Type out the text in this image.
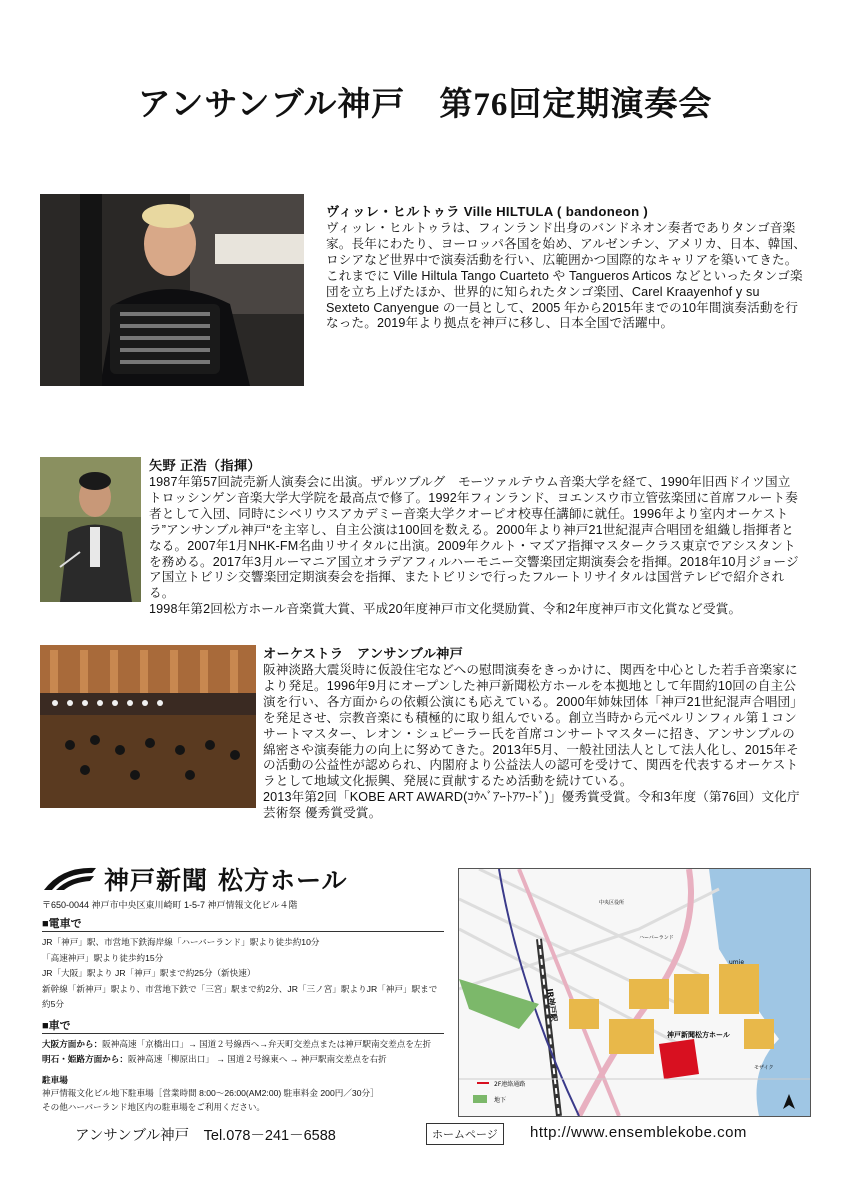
アンサンブル神戸　第76回定期演奏会
ヴィッレ・ヒルトゥラ Ville HILTULA ( bandoneon )

ヴィッレ・ヒルトゥラは、フィンランド出身のバンドネオン奏者でありタンゴ音楽家。長年にわたり、ヨーロッパ各国を始め、アルゼンチン、アメリカ、日本、韓国、ロシアなど世界中で演奏活動を行い、広範囲かつ国際的なキャリアを築いてきた。

これまでに Ville Hiltula Tango Cuarteto や Tangueros Articos などといったタンゴ楽団を立ち上げたほか、世界的に知られたタンゴ楽団、Carel Kraayenhof y su Sexteto Canyengue の一員として、2005 年から2015年までの10年間演奏活動を行なった。2019年より拠点を神戸に移し、日本全国で活躍中。

矢野 正浩（指揮）

1987年第57回読売新人演奏会に出演。ザルツブルグ　モーツァルテウム音楽大学を経て、1990年旧西ドイツ国立トロッシンゲン音楽大学大学院を最高点で修了。1992年フィンランド、ヨエンスウ市立管弦楽団に首席フルート奏者として入団、同時にシベリウスアカデミー音楽大学クオーピオ校専任講師に就任。1996年より室内オーケストラ”アンサンブル神戸“を主宰し、自主公演は100回を数える。2000年より神戸21世紀混声合唱団を組織し指揮者となる。2007年1月NHK-FM名曲リサイタルに出演。2009年クルト・マズア指揮マスタークラス東京でアシスタントを務める。2017年3月ルーマニア国立オラデアフィルハーモニー交響楽団定期演奏会を指揮。2018年10月ジョージア国立トビリシ交響楽団定期演奏会を指揮、またトビリシで行ったフルートリサイタルは国営テレビで紹介される。

1998年第2回松方ホール音楽賞大賞、平成20年度神戸市文化奨励賞、令和2年度神戸市文化賞など受賞。

オーケストラ　アンサンブル神戸

阪神淡路大震災時に仮設住宅などへの慰問演奏をきっかけに、関西を中心とした若手音楽家により発足。1996年9月にオープンした神戸新聞松方ホールを本拠地として年間約10回の自主公演を行い、各方面からの依頼公演にも応えている。2000年姉妹団体「神戸21世紀混声合唱団」を発足させ、宗教音楽にも積極的に取り組んでいる。創立当時から元ベルリンフィル第１コンサートマスター、レオン・シュピーラー氏を首席コンサートマスターに招き、アンサンブルの綿密さや演奏能力の向上に努めてきた。2013年5月、一般社団法人として法人化し、2015年その活動の公益性が認められ、内閣府より公益法人の認可を受けて、関西を代表するオーケストラとして地域文化振興、発展に貢献するため活動を続けている。

2013年第2回「KOBE ART AWARD(ｺｳﾍﾞｱｰﾄｱﾜｰﾄﾞ)」優秀賞受賞。令和3年度（第76回）文化庁芸術祭 優秀賞受賞。

神戸新聞 松方ホール
〒650-0044 神戸市中央区東川崎町 1-5-7 神戸情報文化ビル４階
■電車で
JR「神戸」駅、市営地下鉄海岸線「ハーバーランド」駅より徒歩約10分
「高速神戸」駅より徒歩約15分
JR「大阪」駅より JR「神戸」駅まで約25分（新快速）
新幹線「新神戸」駅より、市営地下鉄で「三宮」駅まで約2分、JR「三ノ宮」駅よりJR「神戸」駅まで約5分
■車で
大阪方面から：阪神高速「京橋出口」→ 国道２号線西へ→弁天町交差点または神戸駅南交差点を左折
明石・姫路方面から：阪神高速「柳原出口」 → 国道２号線東へ → 神戸駅南交差点を右折
駐車場
神戸情報文化ビル地下駐車場［営業時間 8:00～26:00(AM2:00) 駐車料金 200円／30分］
その他ハーバーランド地区内の駐車場をご利用ください。
2F連絡通路
地下
神戸新聞松方ホール
JR神戸駅
umie
中央区役所
ハーバーランド
モザイク
アンサンブル神戸　 Tel.078－241－6588	ホームページ	http://www.ensemblekobe.com
